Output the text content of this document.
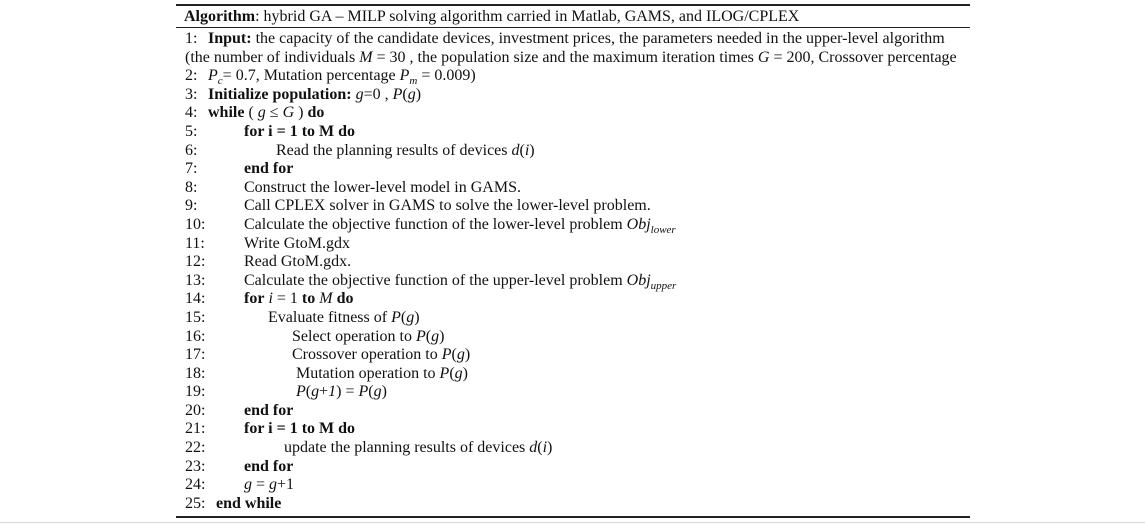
Algorithm: hybrid GA – MILP solving algorithm carried in Matlab, GAMS, and ILOG/CPLEX
1: Input: the capacity of the candidate devices, investment prices, the parameters needed in the upper-level algorithm
(the number of individuals M = 30 , the population size and the maximum iteration times G = 200, Crossover percentage
2: $P_c= 0.7$, Mutation percentage $P_m = 0.009$)
3: Initialize population: g=0 , P(g)
4: while ( g ≤ G ) do
5:	for i = 1 to M do
6:	Read the planning results of devices d(i)
7:	end for
8:	Construct the lower-level model in GAMS.
9:	Call CPLEX solver in GAMS to solve the lower-level problem.
10: Calculate the objective function of the lower-level problem Obj$_{lower}$
11: Write GtoM.gdx
12: Read GtoM.gdx.
13: Calculate the objective function of the upper-level problem Obj$_{upper}$
14: for i = 1 to M do
15:	Evaluate fitness of P(g)
16:	Select operation to P(g)
17:	Crossover operation to P(g)
18:	Mutation operation to P(g)
19:	P(g+1) = P(g)
20: end for
21: for i = 1 to M do
22:	update the planning results of devices d(i)
23: end for
24: g = g+1
25: end while
